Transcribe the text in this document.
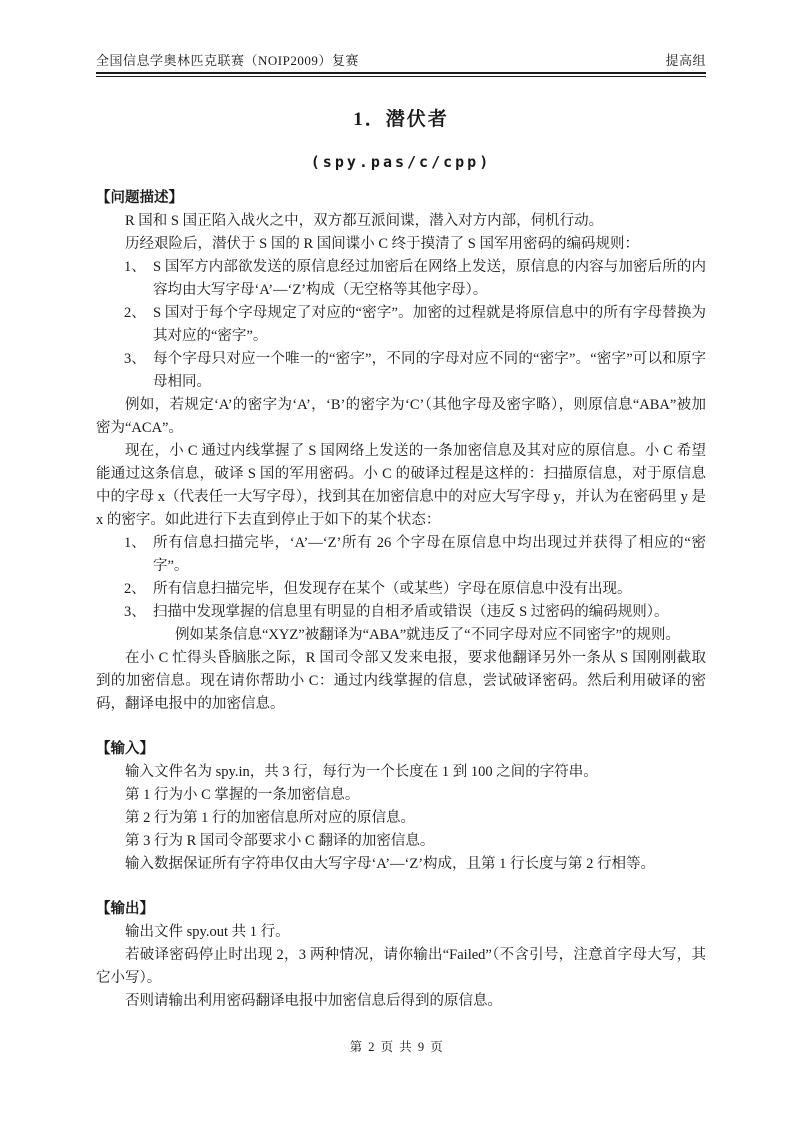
全国信息学奥林匹克联赛（NOIP2009）复赛	提高组
1．潜伏者
(spy.pas/c/cpp)
【问题描述】

R 国和 S 国正陷入战火之中，双方都互派间谍，潜入对方内部，伺机行动。

历经艰险后，潜伏于 S 国的 R 国间谍小 C 终于摸清了 S 国军用密码的编码规则：

1、 S 国军方内部欲发送的原信息经过加密后在网络上发送，原信息的内容与加密后所的内容均由大写字母‘A’—‘Z’构成（无空格等其他字母）。
2、 S 国对于每个字母规定了对应的“密字”。加密的过程就是将原信息中的所有字母替换为其对应的“密字”。
3、 每个字母只对应一个唯一的“密字”，不同的字母对应不同的“密字”。“密字”可以和原字母相同。

例如，若规定‘A’的密字为‘A’，‘B’的密字为‘C’（其他字母及密字略），则原信息“ABA”被加密为“ACA”。

现在，小 C 通过内线掌握了 S 国网络上发送的一条加密信息及其对应的原信息。小 C 希望能通过这条信息，破译 S 国的军用密码。小 C 的破译过程是这样的：扫描原信息，对于原信息中的字母 x（代表任一大写字母），找到其在加密信息中的对应大写字母 y，并认为在密码里 y 是 x 的密字。如此进行下去直到停止于如下的某个状态：

1、 所有信息扫描完毕，‘A’—‘Z’所有 26 个字母在原信息中均出现过并获得了相应的“密字”。
2、 所有信息扫描完毕，但发现存在某个（或某些）字母在原信息中没有出现。
3、 扫描中发现掌握的信息里有明显的自相矛盾或错误（违反 S 过密码的编码规则）。
例如某条信息“XYZ”被翻译为“ABA”就违反了“不同字母对应不同密字”的规则。

在小 C 忙得头昏脑胀之际，R 国司令部又发来电报，要求他翻译另外一条从 S 国刚刚截取到的加密信息。现在请你帮助小 C：通过内线掌握的信息，尝试破译密码。然后利用破译的密码，翻译电报中的加密信息。

【输入】

输入文件名为 spy.in，共 3 行，每行为一个长度在 1 到 100 之间的字符串。

第 1 行为小 C 掌握的一条加密信息。

第 2 行为第 1 行的加密信息所对应的原信息。

第 3 行为 R 国司令部要求小 C 翻译的加密信息。

输入数据保证所有字符串仅由大写字母‘A’—‘Z’构成，且第 1 行长度与第 2 行相等。

【输出】

输出文件 spy.out 共 1 行。

若破译密码停止时出现 2，3 两种情况，请你输出“Failed”（不含引号，注意首字母大写，其它小写）。

否则请输出利用密码翻译电报中加密信息后得到的原信息。

第 2 页 共 9 页
